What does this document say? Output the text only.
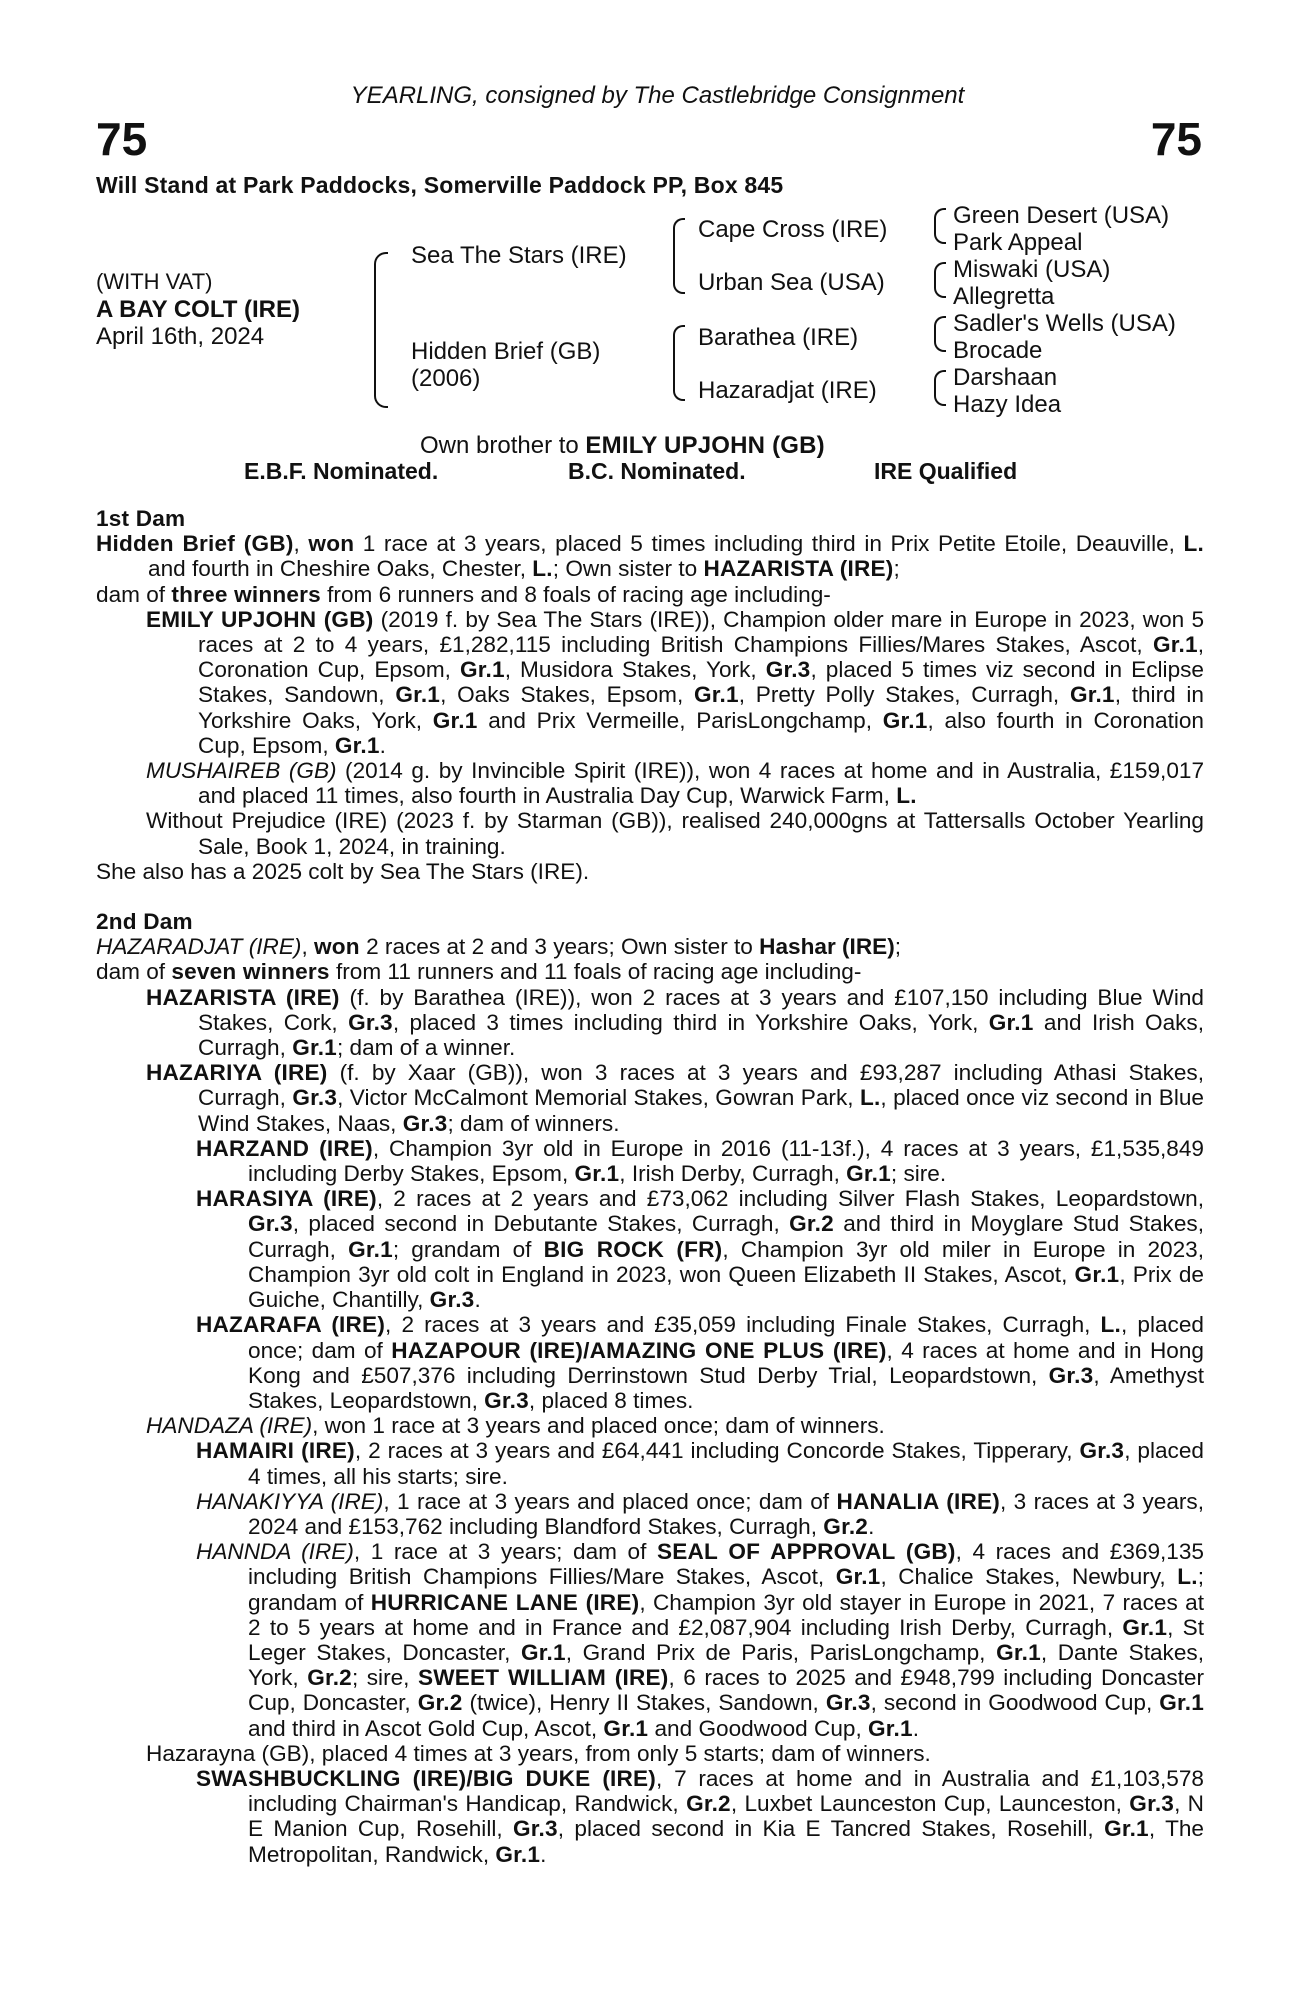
75	75
YEARLING, consigned by The Castlebridge Consignment
Will Stand at Park Paddocks, Somerville Paddock PP, Box 845
(WITH VAT)
A BAY COLT (IRE)
April 16th, 2024
Sea The Stars (IRE)
Hidden Brief (GB)
(2006)
Cape Cross (IRE)
Urban Sea (USA)
Barathea (IRE)
Hazaradjat (IRE)
Green Desert (USA)
Park Appeal
Miswaki (USA)
Allegretta
Sadler's Wells (USA)
Brocade
Darshaan
Hazy Idea
Own brother to EMILY UPJOHN (GB)
E.B.F. Nominated.	B.C. Nominated.	IRE Qualified

1st Dam

Hidden Brief (GB), won 1 race at 3 years, placed 5 times including third in Prix Petite Etoile, Deauville, L. and fourth in Cheshire Oaks, Chester, L.; Own sister to HAZARISTA (IRE);

dam of three winners from 6 runners and 8 foals of racing age including-

EMILY UPJOHN (GB) (2019 f. by Sea The Stars (IRE)), Champion older mare in Europe in 2023, won 5 races at 2 to 4 years, £1,282,115 including British Champions Fillies/Mares Stakes, Ascot, Gr.1, Coronation Cup, Epsom, Gr.1, Musidora Stakes, York, Gr.3, placed 5 times viz second in Eclipse Stakes, Sandown, Gr.1, Oaks Stakes, Epsom, Gr.1, Pretty Polly Stakes, Curragh, Gr.1, third in Yorkshire Oaks, York, Gr.1 and Prix Vermeille, ParisLongchamp, Gr.1, also fourth in Coronation Cup, Epsom, Gr.1.

MUSHAIREB (GB) (2014 g. by Invincible Spirit (IRE)), won 4 races at home and in Australia, £159,017 and placed 11 times, also fourth in Australia Day Cup, Warwick Farm, L.

Without Prejudice (IRE) (2023 f. by Starman (GB)), realised 240,000gns at Tattersalls October Yearling Sale, Book 1, 2024, in training.

She also has a 2025 colt by Sea The Stars (IRE).

2nd Dam

HAZARADJAT (IRE), won 2 races at 2 and 3 years; Own sister to Hashar (IRE);

dam of seven winners from 11 runners and 11 foals of racing age including-

HAZARISTA (IRE) (f. by Barathea (IRE)), won 2 races at 3 years and £107,150 including Blue Wind Stakes, Cork, Gr.3, placed 3 times including third in Yorkshire Oaks, York, Gr.1 and Irish Oaks, Curragh, Gr.1; dam of a winner.

HAZARIYA (IRE) (f. by Xaar (GB)), won 3 races at 3 years and £93,287 including Athasi Stakes, Curragh, Gr.3, Victor McCalmont Memorial Stakes, Gowran Park, L., placed once viz second in Blue Wind Stakes, Naas, Gr.3; dam of winners.

HARZAND (IRE), Champion 3yr old in Europe in 2016 (11-13f.), 4 races at 3 years, £1,535,849 including Derby Stakes, Epsom, Gr.1, Irish Derby, Curragh, Gr.1; sire.

HARASIYA (IRE), 2 races at 2 years and £73,062 including Silver Flash Stakes, Leopardstown, Gr.3, placed second in Debutante Stakes, Curragh, Gr.2 and third in Moyglare Stud Stakes, Curragh, Gr.1; grandam of BIG ROCK (FR), Champion 3yr old miler in Europe in 2023, Champion 3yr old colt in England in 2023, won Queen Elizabeth II Stakes, Ascot, Gr.1, Prix de Guiche, Chantilly, Gr.3.

HAZARAFA (IRE), 2 races at 3 years and £35,059 including Finale Stakes, Curragh, L., placed once; dam of HAZAPOUR (IRE)/AMAZING ONE PLUS (IRE), 4 races at home and in Hong Kong and £507,376 including Derrinstown Stud Derby Trial, Leopardstown, Gr.3, Amethyst Stakes, Leopardstown, Gr.3, placed 8 times.

HANDAZA (IRE), won 1 race at 3 years and placed once; dam of winners.

HAMAIRI (IRE), 2 races at 3 years and £64,441 including Concorde Stakes, Tipperary, Gr.3, placed 4 times, all his starts; sire.

HANAKIYYA (IRE), 1 race at 3 years and placed once; dam of HANALIA (IRE), 3 races at 3 years, 2024 and £153,762 including Blandford Stakes, Curragh, Gr.2.

HANNDA (IRE), 1 race at 3 years; dam of SEAL OF APPROVAL (GB), 4 races and £369,135 including British Champions Fillies/Mare Stakes, Ascot, Gr.1, Chalice Stakes, Newbury, L.; grandam of HURRICANE LANE (IRE), Champion 3yr old stayer in Europe in 2021, 7 races at 2 to 5 years at home and in France and £2,087,904 including Irish Derby, Curragh, Gr.1, St Leger Stakes, Doncaster, Gr.1, Grand Prix de Paris, ParisLongchamp, Gr.1, Dante Stakes, York, Gr.2; sire, SWEET WILLIAM (IRE), 6 races to 2025 and £948,799 including Doncaster Cup, Doncaster, Gr.2 (twice), Henry II Stakes, Sandown, Gr.3, second in Goodwood Cup, Gr.1 and third in Ascot Gold Cup, Ascot, Gr.1 and Goodwood Cup, Gr.1.

Hazarayna (GB), placed 4 times at 3 years, from only 5 starts; dam of winners.

SWASHBUCKLING (IRE)/BIG DUKE (IRE), 7 races at home and in Australia and £1,103,578 including Chairman's Handicap, Randwick, Gr.2, Luxbet Launceston Cup, Launceston, Gr.3, N E Manion Cup, Rosehill, Gr.3, placed second in Kia E Tancred Stakes, Rosehill, Gr.1, The Metropolitan, Randwick, Gr.1.
